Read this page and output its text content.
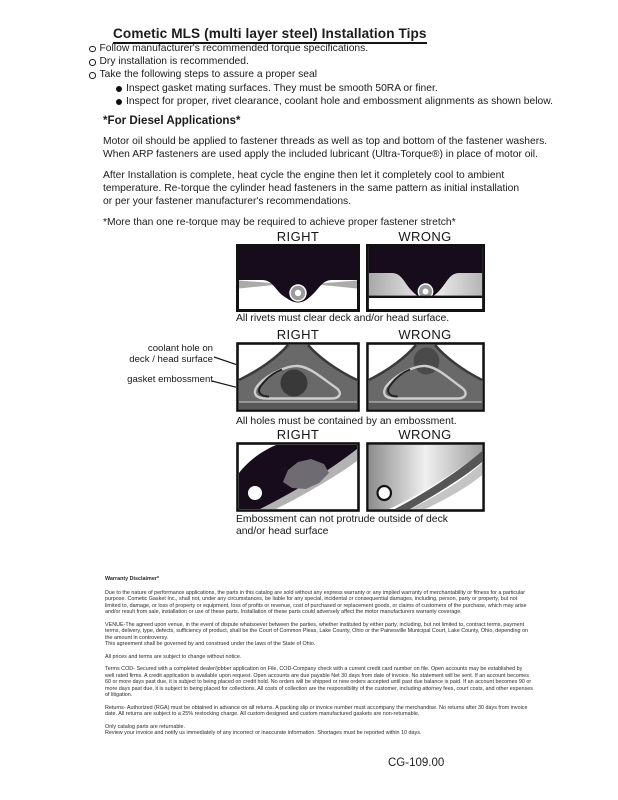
Cometic MLS (multi layer steel) Installation Tips
Follow manufacturer's recommended torque specifications.
Dry installation is recommended.
Take the following steps to assure a proper seal
Inspect gasket mating surfaces. They must be smooth 50RA or finer.
Inspect for proper, rivet clearance, coolant hole and embossment alignments as shown below.
*For Diesel Applications*
Motor oil should be applied to fastener threads as well as top and bottom of the fastener washers.
When ARP fasteners are used apply the included lubricant (Ultra-Torque®) in place of motor oil.
After Installation is complete, heat cycle the engine then let it completely cool to ambient
temperature. Re-torque the cylinder head fasteners in the same pattern as initial installation
or per your fastener manufacturer's recommendations.
*More than one re-torque may be required to achieve proper fastener stretch*
RIGHT	WRONG
All rivets must clear deck and/or head surface.
RIGHT	WRONG
coolant hole on
deck / head surface
gasket embossment
All holes must be contained by an embossment.
RIGHT	WRONG
Embossment can not protrude outside of deck
and/or head surface

Warranty Disclaimer*

Due to the nature of performance applications, the parts in this catalog are sold without any express warranty or any implied warranty of merchantability or fitness for a particular purpose. Cometic Gasket Inc., shall not, under any circumstances, be liable for any special, incidental or consequential damages, including, person, party or property, but not limited to, damage, or loss of property or equipment, loss of profits or revenue, cost of purchased or replacement goods, or claims of customers of the purchase, which may arise and/or result from sale, installation or use of these parts. Installation of these parts could adversely affect the motor manufacturers warranty coverage.

VENUE-The agreed upon venue, in the event of dispute whatsoever between the parties, whether instituted by either party, including, but not limited to, contract terms, payment terms, delivery, type, defects, sufficiency of product, shall be the Court of Common Pleas, Lake County, Ohio or the Painesville Municipal Court, Lake County, Ohio, depending on the amount in controversy.

This agreement shall be governed by and construed under the laws of the State of Ohio.

All prices and terms are subject to change without notice.

Terms COD- Secured with a completed dealer/jobber application on File, COD-Company check with a current credit card number on file. Open accounts may be established by well rated firms. A credit application is available upon request. Open accounts are due payable Net 30 days from date of invoice. No statement will be sent. If an account becomes 60 or more days past due, it is subject to being placed on credit hold. No orders will be shipped or new orders accepted until past due balance is paid. If an account becomes 90 or more days past due, it is subject to being placed for collections. All costs of collection are the responsibility of the customer, including attorney fees, court costs, and other expenses of litigation.

Returns- Authorized (RGA) must be obtained in advance on all returns. A packing slip or invoice number must accompany the merchandise. No returns after 30 days from invoice date. All returns are subject to a 25% restocking charge. All custom designed and custom manufactured gaskets are non-returnable.

Only catalog parts are returnable.

Review your invoice and notify us immediately of any incorrect or inaccurate information. Shortages must be reported within 10 days.

CG-109.00
